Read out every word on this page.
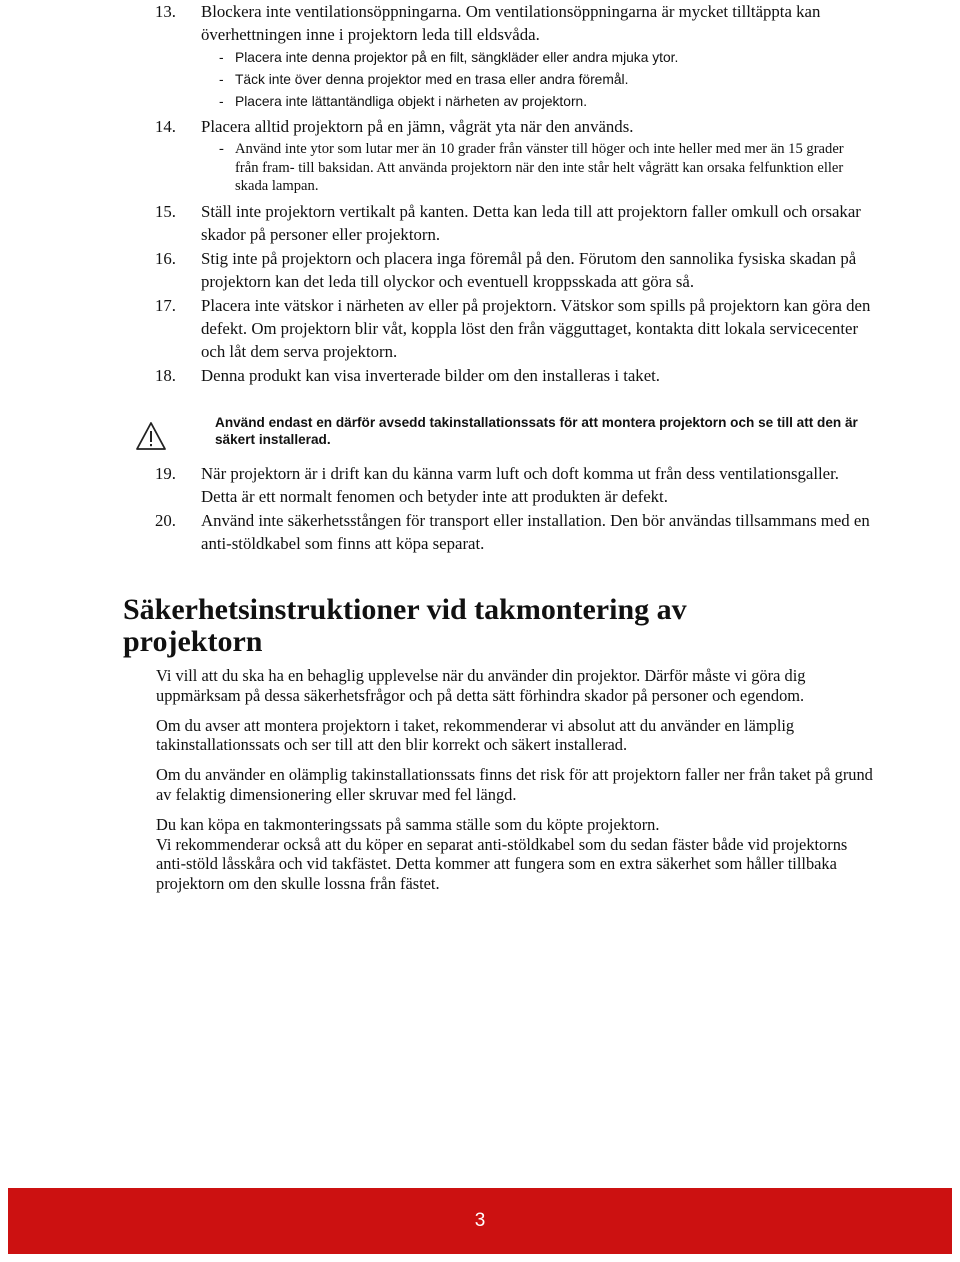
13. Blockera inte ventilationsöppningarna. Om ventilationsöppningarna är mycket tilltäppta kan överhettningen inne i projektorn leda till eldsvåda.
- Placera inte denna projektor på en filt, sängkläder eller andra mjuka ytor.
- Täck inte över denna projektor med en trasa eller andra föremål.
- Placera inte lättantändliga objekt i närheten av projektorn.
14. Placera alltid projektorn på en jämn, vågrät yta när den används.
- Använd inte ytor som lutar mer än 10 grader från vänster till höger och inte heller med mer än 15 grader från fram- till baksidan. Att använda projektorn när den inte står helt vågrätt kan orsaka felfunktion eller skada lampan.
15. Ställ inte projektorn vertikalt på kanten. Detta kan leda till att projektorn faller omkull och orsakar skador på personer eller projektorn.
16. Stig inte på projektorn och placera inga föremål på den. Förutom den sannolika fysiska skadan på projektorn kan det leda till olyckor och eventuell kroppsskada att göra så.
17. Placera inte vätskor i närheten av eller på projektorn. Vätskor som spills på projektorn kan göra den defekt. Om projektorn blir våt, koppla löst den från vägguttaget, kontakta ditt lokala servicecenter och låt dem serva projektorn.
18. Denna produkt kan visa inverterade bilder om den installeras i taket.
Använd endast en därför avsedd takinstallationssats för att montera projektorn och se till att den är säkert installerad.
19. När projektorn är i drift kan du känna varm luft och doft komma ut från dess ventilationsgaller. Detta är ett normalt fenomen och betyder inte att produkten är defekt.
20. Använd inte säkerhetsstången för transport eller installation. Den bör användas tillsammans med en anti-stöldkabel som finns att köpa separat.
Säkerhetsinstruktioner vid takmontering av projektorn

Vi vill att du ska ha en behaglig upplevelse när du använder din projektor. Därför måste vi göra dig uppmärksam på dessa säkerhetsfrågor och på detta sätt förhindra skador på personer och egendom.

Om du avser att montera projektorn i taket, rekommenderar vi absolut att du använder en lämplig takinstallationssats och ser till att den blir korrekt och säkert installerad.

Om du använder en olämplig takinstallationssats finns det risk för att projektorn faller ner från taket på grund av felaktig dimensionering eller skruvar med fel längd.

Du kan köpa en takmonteringssats på samma ställe som du köpte projektorn.

Vi rekommenderar också att du köper en separat anti-stöldkabel som du sedan fäster både vid projektorns anti-stöld låsskåra och vid takfästet. Detta kommer att fungera som en extra säkerhet som håller tillbaka projektorn om den skulle lossna från fästet.

3
